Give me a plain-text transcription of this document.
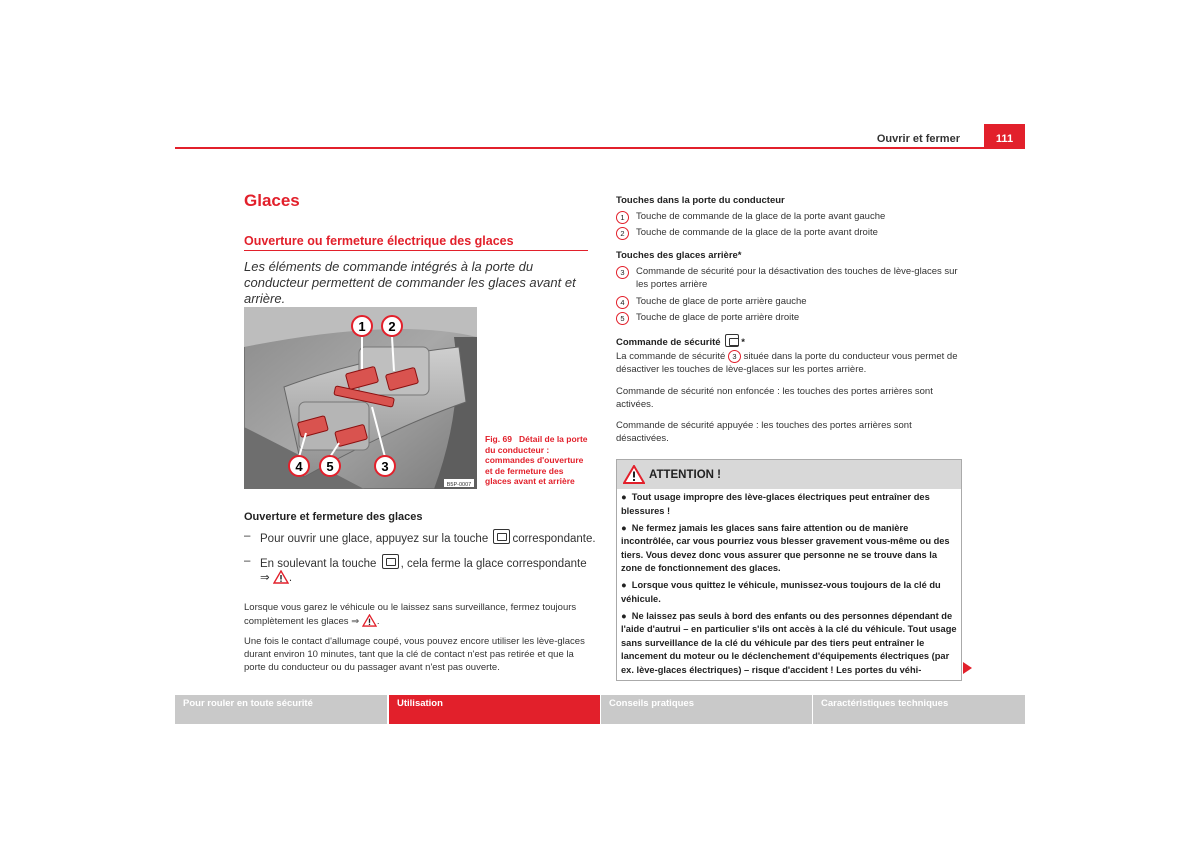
Ouvrir et fermer	111
Glaces
Ouverture ou fermeture électrique des glaces
Les éléments de commande intégrés à la porte du conducteur permettent de commander les glaces avant et arrière.
1 2
3
4 5
B5P-0007
Fig. 69 Détail de la porte du conducteur : commandes d'ouverture et de fermeture des glaces avant et arrière
Ouverture et fermeture des glaces
– Pour ouvrir une glace, appuyez sur la touche correspondante.
– En soulevant la touche , cela ferme la glace correspondante
⇒ .
Lorsque vous garez le véhicule ou le laissez sans surveillance, fermez toujours complètement les glaces ⇒ .
Une fois le contact d'allumage coupé, vous pouvez encore utiliser les lève-glaces durant environ 10 minutes, tant que la clé de contact n'est pas retirée et que la porte du conducteur ou du passager avant n'est pas ouverte.
Touches dans la porte du conducteur
1	Touche de commande de la glace de la porte avant gauche
2	Touche de commande de la glace de la porte avant droite
Touches des glaces arrière*
3	Commande de sécurité pour la désactivation des touches de lève-glaces sur les portes arrière
4	Touche de glace de porte arrière gauche
5	Touche de glace de porte arrière droite
Commande de sécurité *
La commande de sécurité 3 située dans la porte du conducteur vous permet de désactiver les touches de lève-glaces sur les portes arrière.
Commande de sécurité non enfoncée : les touches des portes arrières sont activées.
Commande de sécurité appuyée : les touches des portes arrières sont désactivées.
ATTENTION !

● Tout usage impropre des lève-glaces électriques peut entraîner des blessures !

● Ne fermez jamais les glaces sans faire attention ou de manière incontrôlée, car vous pourriez vous blesser gravement vous-même ou des tiers. Vous devez donc vous assurer que personne ne se trouve dans la zone de fonctionnement des glaces.

● Lorsque vous quittez le véhicule, munissez-vous toujours de la clé du véhicule.

● Ne laissez pas seuls à bord des enfants ou des personnes dépendant de l'aide d'autrui – en particulier s'ils ont accès à la clé du véhicule. Tout usage sans surveillance de la clé du véhicule par des tiers peut entraîner le lancement du moteur ou le déclenchement d'équipements électriques (par ex. lève-glaces électriques) – risque d'accident ! Les portes du véhi-

Pour rouler en toute sécurité	Utilisation	Conseils pratiques	Caractéristiques techniques
